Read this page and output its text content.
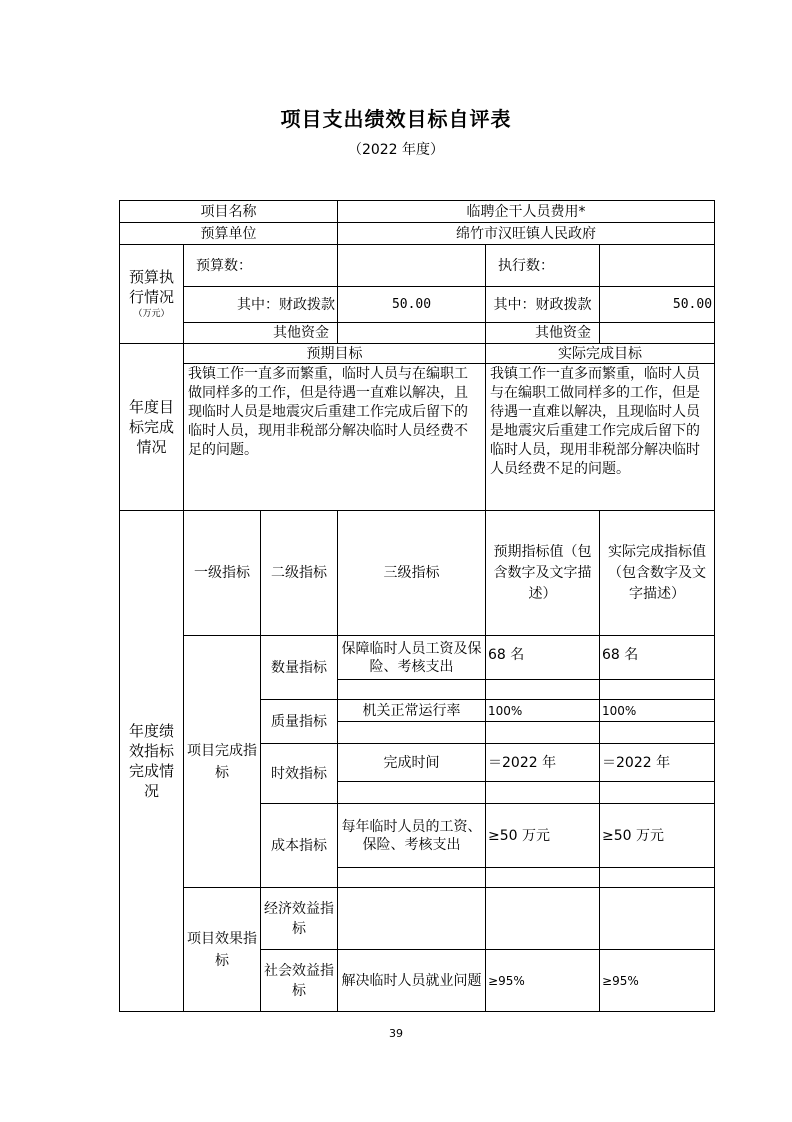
项目支出绩效目标自评表
（2022 年度）
项目名称			临聘企干人员费用*		
预算单位			绵竹市汉旺镇人民政府		
预算执行情况
（万元）	预算数：			执行数：	
	其中：财政拨款		50.00	其中：财政拨款	50.00
	其他资金			其他资金	
年度目标完成情况	预期目标			实际完成目标	
	我镇工作一直多而繁重，临时人员与在编职工做同样多的工作，但是待遇一直难以解决，且现临时人员是地震灾后重建工作完成后留下的临时人员，现用非税部分解决临时人员经费不足的问题。			我镇工作一直多而繁重，临时人员与在编职工做同样多的工作，但是待遇一直难以解决，且现临时人员是地震灾后重建工作完成后留下的临时人员，现用非税部分解决临时人员经费不足的问题。	
年度绩效指标完成情况	一级指标	二级指标	三级指标	预期指标值（包含数字及文字描述）	实际完成指标值（包含数字及文字描述）
	项目完成指标	数量指标	保障临时人员工资及保险、考核支出	68 名	68 名

		质量指标	机关正常运行率	100%	100%

		时效指标	完成时间	＝2022 年	＝2022 年

		成本指标	每年临时人员的工资、保险、考核支出	≥50 万元	≥50 万元

	项目效果指标	经济效益指标			
		社会效益指标	解决临时人员就业问题	≥95%	≥95%
39
